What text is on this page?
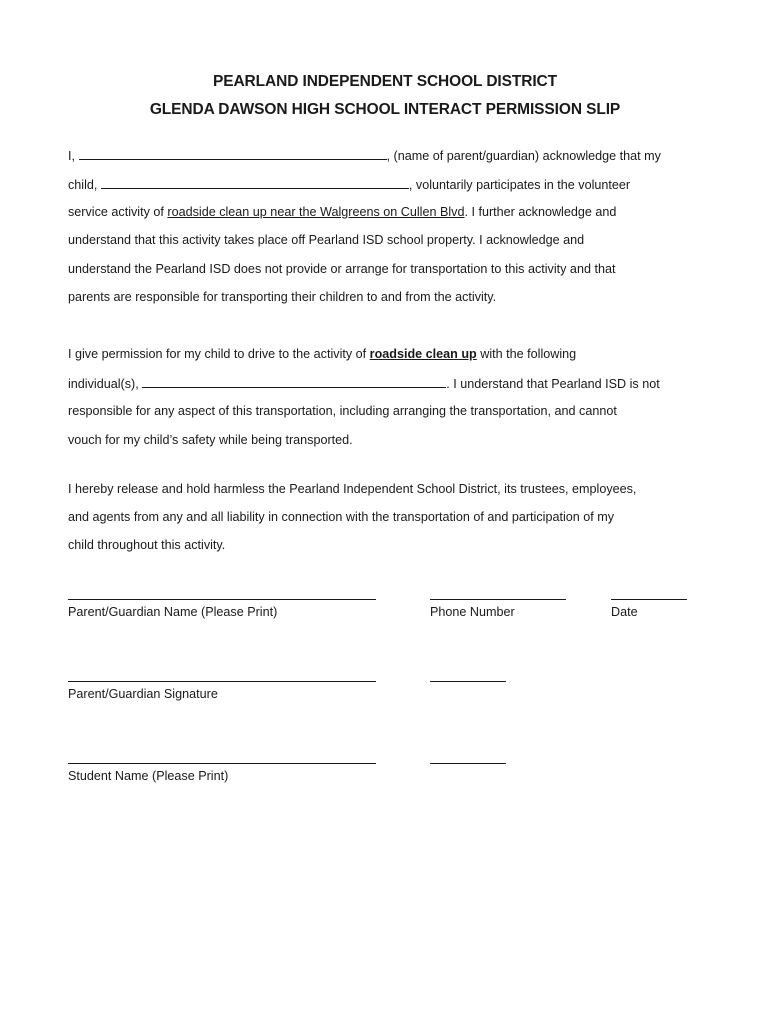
PEARLAND INDEPENDENT SCHOOL DISTRICT
GLENDA DAWSON HIGH SCHOOL INTERACT PERMISSION SLIP
I,	, (name of parent/guardian) acknowledge that my
child,	, voluntarily participates in the volunteer
service activity of roadside clean up near the Walgreens on Cullen Blvd. I further acknowledge and
understand that this activity takes place off Pearland ISD school property. I acknowledge and
understand the Pearland ISD does not provide or arrange for transportation to this activity and that
parents are responsible for transporting their children to and from the activity.
I give permission for my child to drive to the activity of roadside clean up with the following
individual(s),	. I understand that Pearland ISD is not
responsible for any aspect of this transportation, including arranging the transportation, and cannot
vouch for my child’s safety while being transported.
I hereby release and hold harmless the Pearland Independent School District, its trustees, employees,
and agents from any and all liability in connection with the transportation of and participation of my
child throughout this activity.
Parent/Guardian Name (Please Print)	Phone Number	Date
Parent/Guardian Signature
Student Name (Please Print)
